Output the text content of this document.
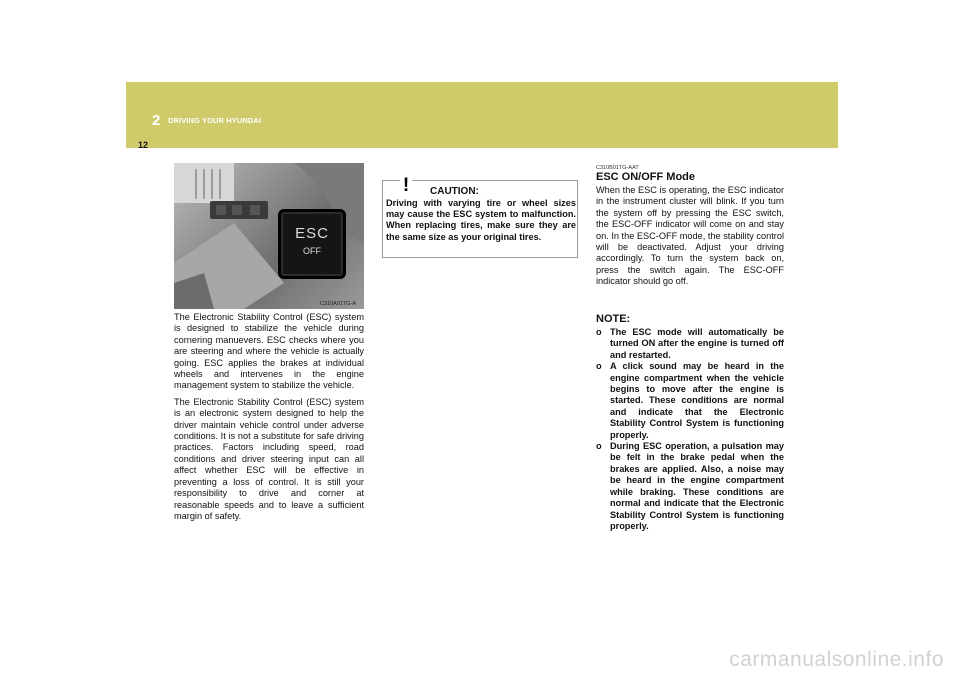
2 DRIVING YOUR HYUNDAI
12
ESC
OFF
C310A01TG-A

The Electronic Stability Control (ESC) system is designed to stabilize the vehicle during cornering manuevers. ESC checks where you are steering and where the vehicle is actually going. ESC applies the brakes at individual wheels and intervenes in the engine management system to stabilize the vehicle.

The Electronic Stability Control (ESC) system is an electronic system designed to help the driver maintain vehicle control under adverse conditions. It is not a substitute for safe driving practices. Factors including speed, road conditions and driver steering input can all affect whether ESC will be effective in preventing a loss of control. It is still your responsibility to drive and corner at reasonable speeds and to leave a sufficient margin of safety.

! CAUTION:
Driving with varying tire or wheel sizes may cause the ESC system to malfunction. When replacing tires, make sure they are the same size as your original tires.
C310B01TG-AAT
ESC ON/OFF Mode

When the ESC is operating, the ESC indicator in the instrument cluster will blink. If you turn the system off by pressing the ESC switch, the ESC-OFF indicator will come on and stay on. In the ESC-OFF mode, the stability control will be deactivated. Adjust your driving accordingly. To turn the system back on, press the switch again. The ESC-OFF indicator should go off.

NOTE:
o The ESC mode will automatically be turned ON after the engine is turned off and restarted.
o A click sound may be heard in the engine compartment when the vehicle begins to move after the engine is started. These conditions are normal and indicate that the Electronic Stability Control System is functioning properly.
o During ESC operation, a pulsation may be felt in the brake pedal when the brakes are applied. Also, a noise may be heard in the engine compartment while braking. These conditions are normal and indicate that the Electronic Stability Control System is functioning properly.
carmanualsonline.info
